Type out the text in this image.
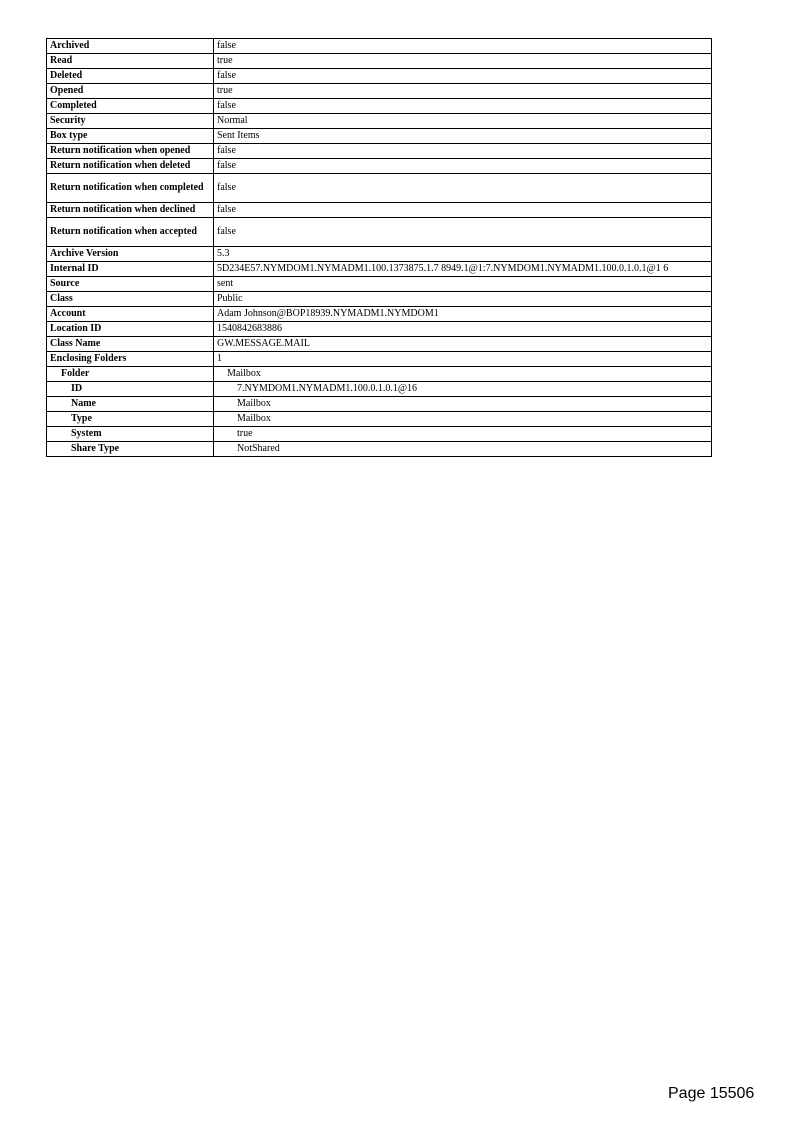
Archived	false
Read	true
Deleted	false
Opened	true
Completed	false
Security	Normal
Box type	Sent Items
Return notification when opened	false
Return notification when deleted	false
Return notification when completed	false
Return notification when declined	false
Return notification when accepted	false
Archive Version	5.3
Internal ID	5D234E57.NYMDOM1.NYMADM1.100.1373875.1.7 8949.1@1:7.NYMDOM1.NYMADM1.100.0.1.0.1@1 6
Source	sent
Class	Public
Account	Adam Johnson@BOP18939.NYMADM1.NYMDOM1
Location ID	1540842683886
Class Name	GW.MESSAGE.MAIL
Enclosing Folders	1
Folder	Mailbox
ID	7.NYMDOM1.NYMADM1.100.0.1.0.1@16
Name	Mailbox
Type	Mailbox
System	true
Share Type	NotShared
Page 15506
